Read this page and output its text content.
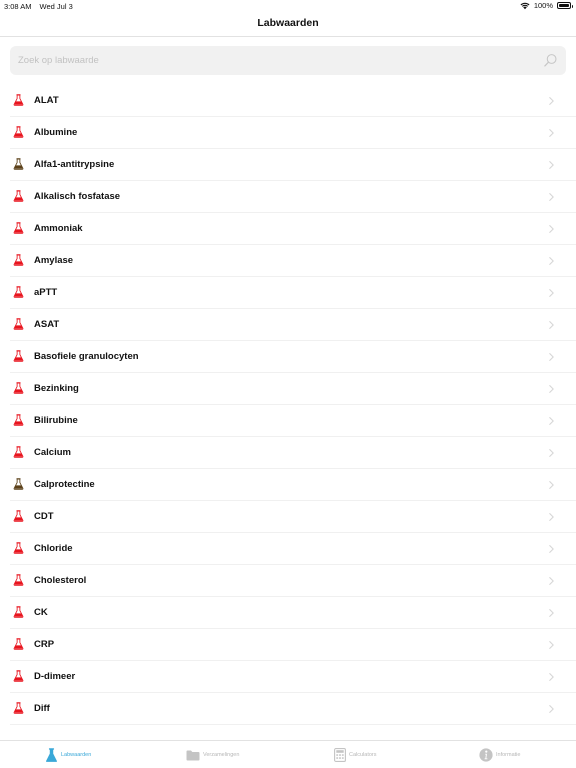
3:08 AM Wed Jul 3	100%
Labwaarden
Zoek op labwaarde
ALAT
Albumine
Alfa1-antitrypsine
Alkalisch fosfatase
Ammoniak
Amylase
aPTT
ASAT
Basofiele granulocyten
Bezinking
Bilirubine
Calcium
Calprotectine
CDT
Chloride
Cholesterol
CK
CRP
D-dimeer
Diff
Labwaarden	Verzamelingen	Calculators	Informatie
